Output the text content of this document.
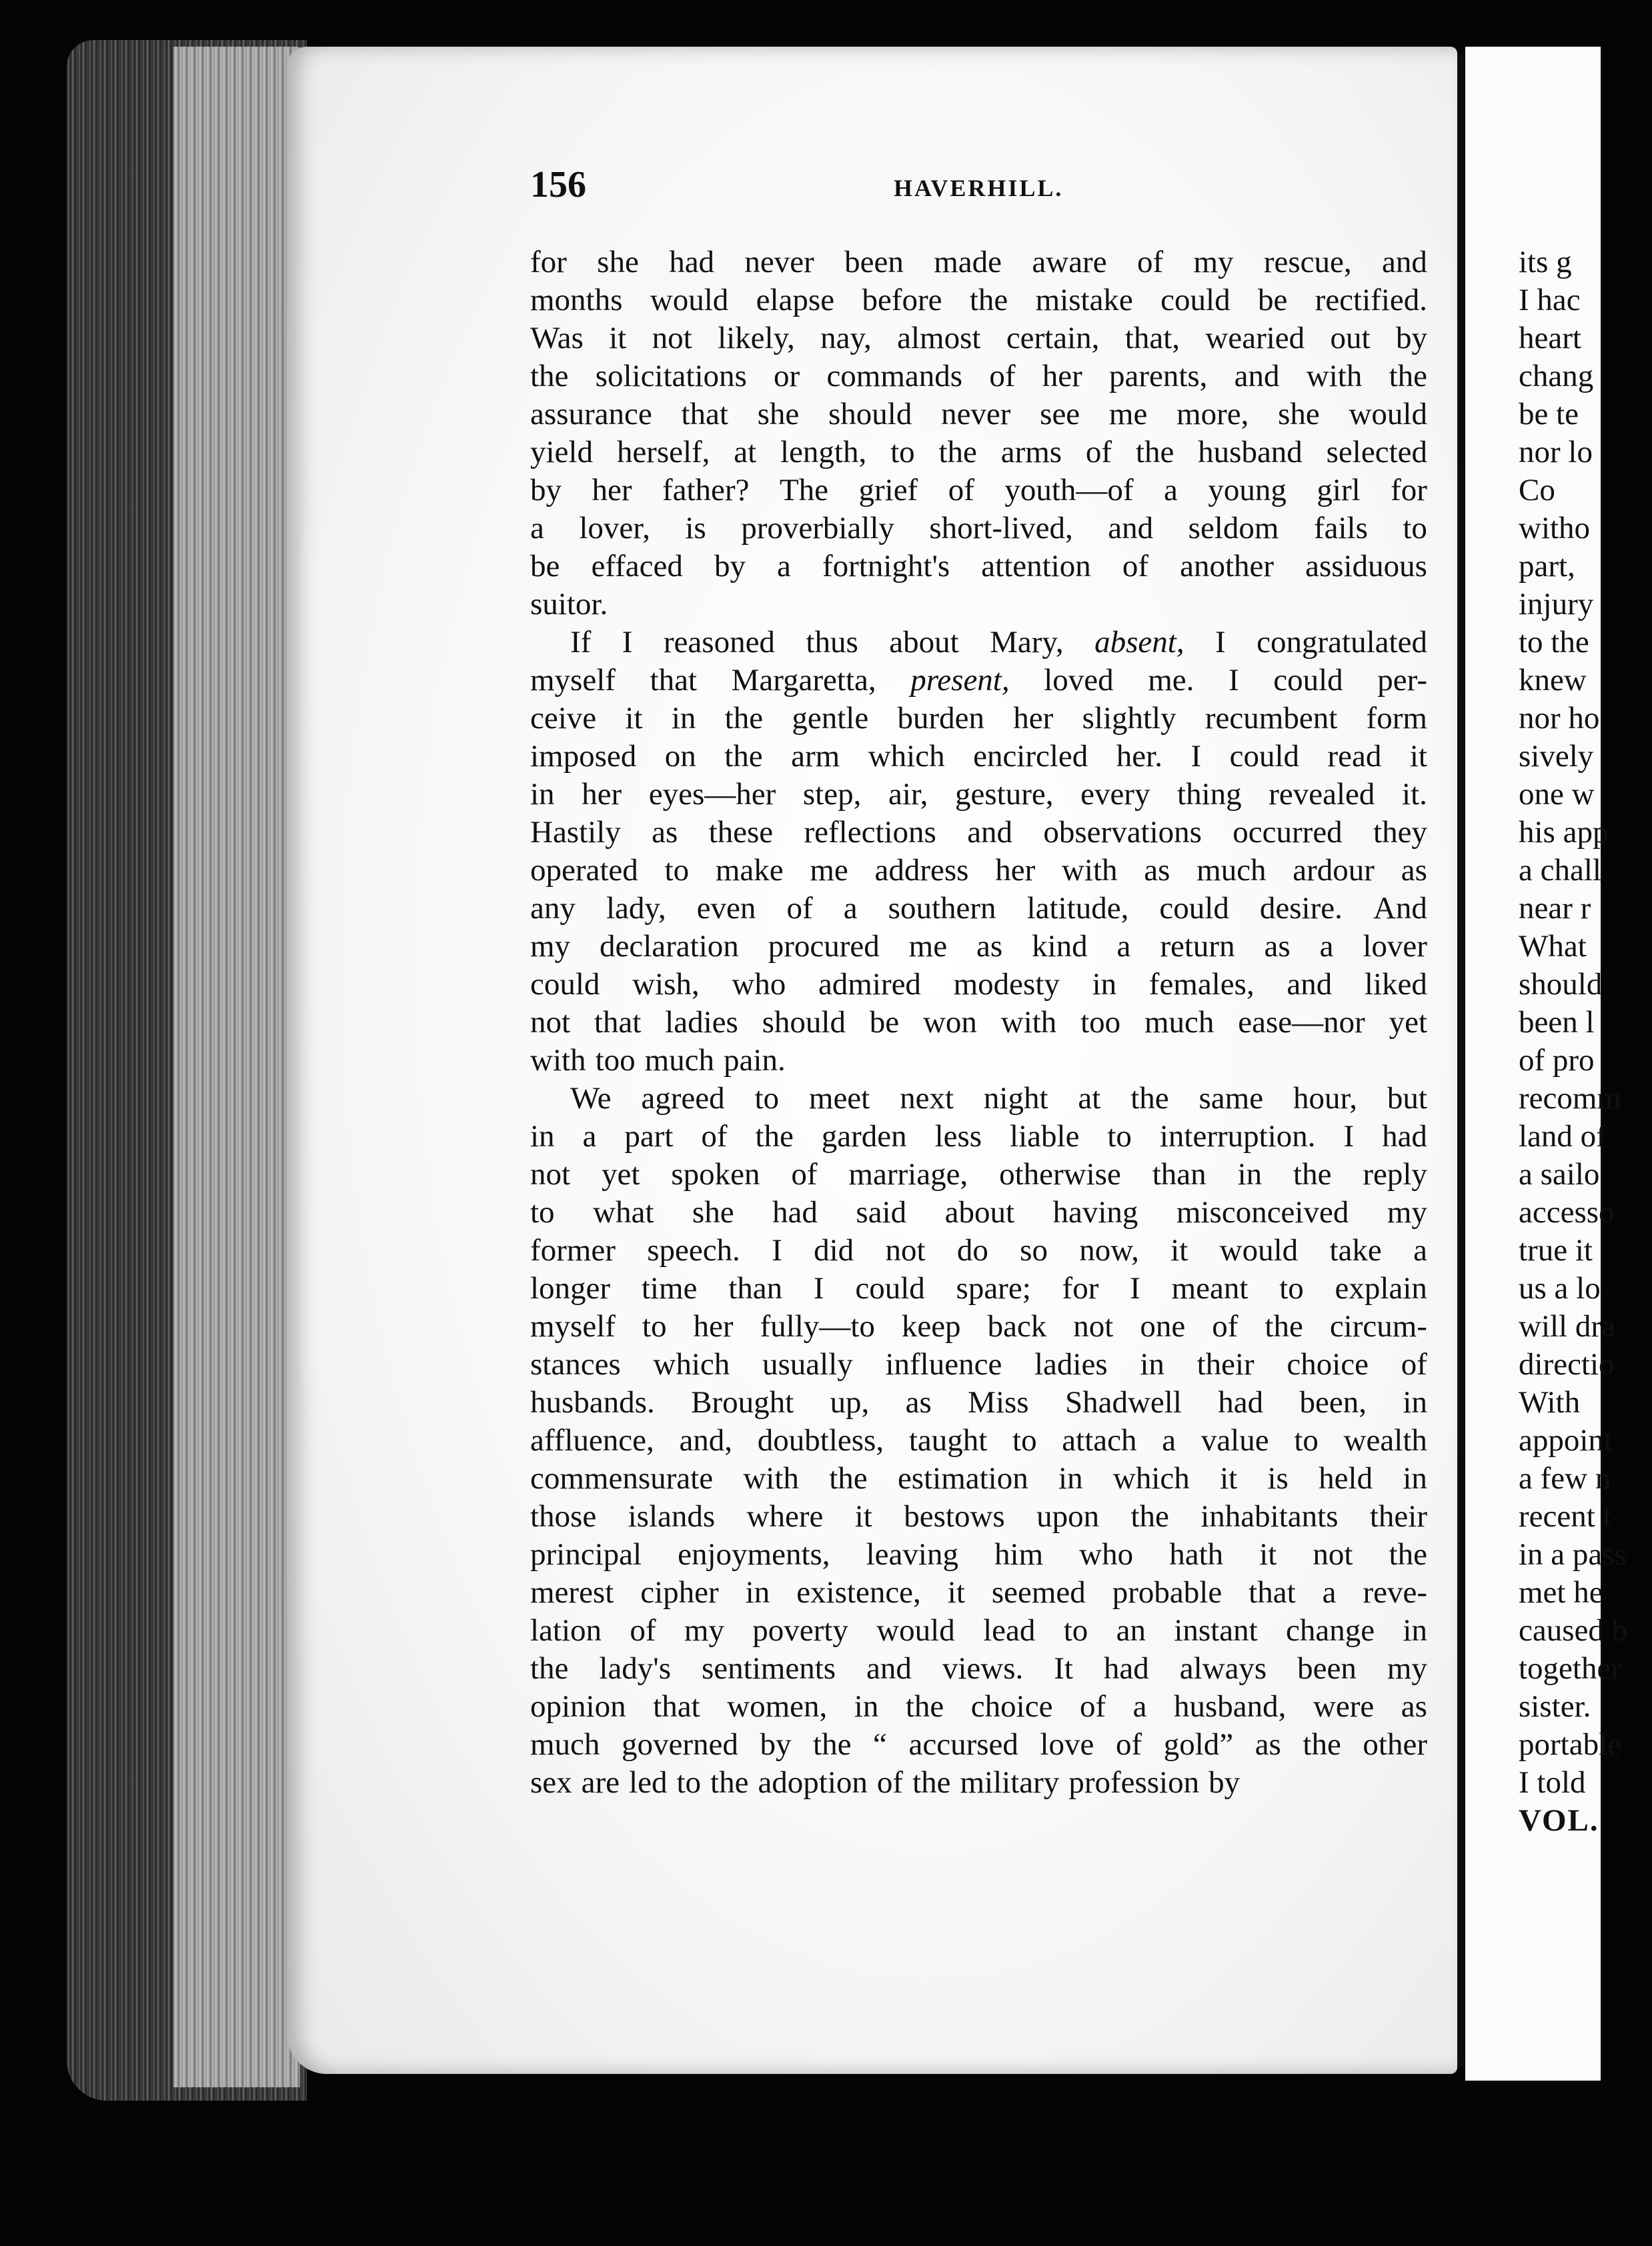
156	HAVERHILL.
for she had never been made aware of my rescue, and
months would elapse before the mistake could be rectified.
Was it not likely, nay, almost certain, that, wearied out by
the solicitations or commands of her parents, and with the
assurance that she should never see me more, she would
yield herself, at length, to the arms of the husband selected
by her father? The grief of youth—of a young girl for
a lover, is proverbially short-lived, and seldom fails to
be effaced by a fortnight's attention of another assiduous
suitor.
If I reasoned thus about Mary, absent, I congratulated
myself that Margaretta, present, loved me. I could per-
ceive it in the gentle burden her slightly recumbent form
imposed on the arm which encircled her. I could read it
in her eyes—her step, air, gesture, every thing revealed it.
Hastily as these reflections and observations occurred they
operated to make me address her with as much ardour as
any lady, even of a southern latitude, could desire. And
my declaration procured me as kind a return as a lover
could wish, who admired modesty in females, and liked
not that ladies should be won with too much ease—nor yet
with too much pain.
We agreed to meet next night at the same hour, but
in a part of the garden less liable to interruption. I had
not yet spoken of marriage, otherwise than in the reply
to what she had said about having misconceived my
former speech. I did not do so now, it would take a
longer time than I could spare; for I meant to explain
myself to her fully—to keep back not one of the circum-
stances which usually influence ladies in their choice of
husbands. Brought up, as Miss Shadwell had been, in
affluence, and, doubtless, taught to attach a value to wealth
commensurate with the estimation in which it is held in
those islands where it bestows upon the inhabitants their
principal enjoyments, leaving him who hath it not the
merest cipher in existence, it seemed probable that a reve-
lation of my poverty would lead to an instant change in
the lady's sentiments and views. It had always been my
opinion that women, in the choice of a husband, were as
much governed by the “ accursed love of gold” as the other
sex are led to the adoption of the military profession by
its g
I hac
heart
chang
be te
nor lo
Co
witho
part,
injury
to the
knew
nor ho
sively
one w
his app
a chall
near r
What
should
been l
of pro
recomm
land of
a sailo
accesso
true it
us a lo
will dra
directio
With
appoint
a few n
recent t
in a pass
met he
caused b
together
sister.
portable
I told
VOL.
